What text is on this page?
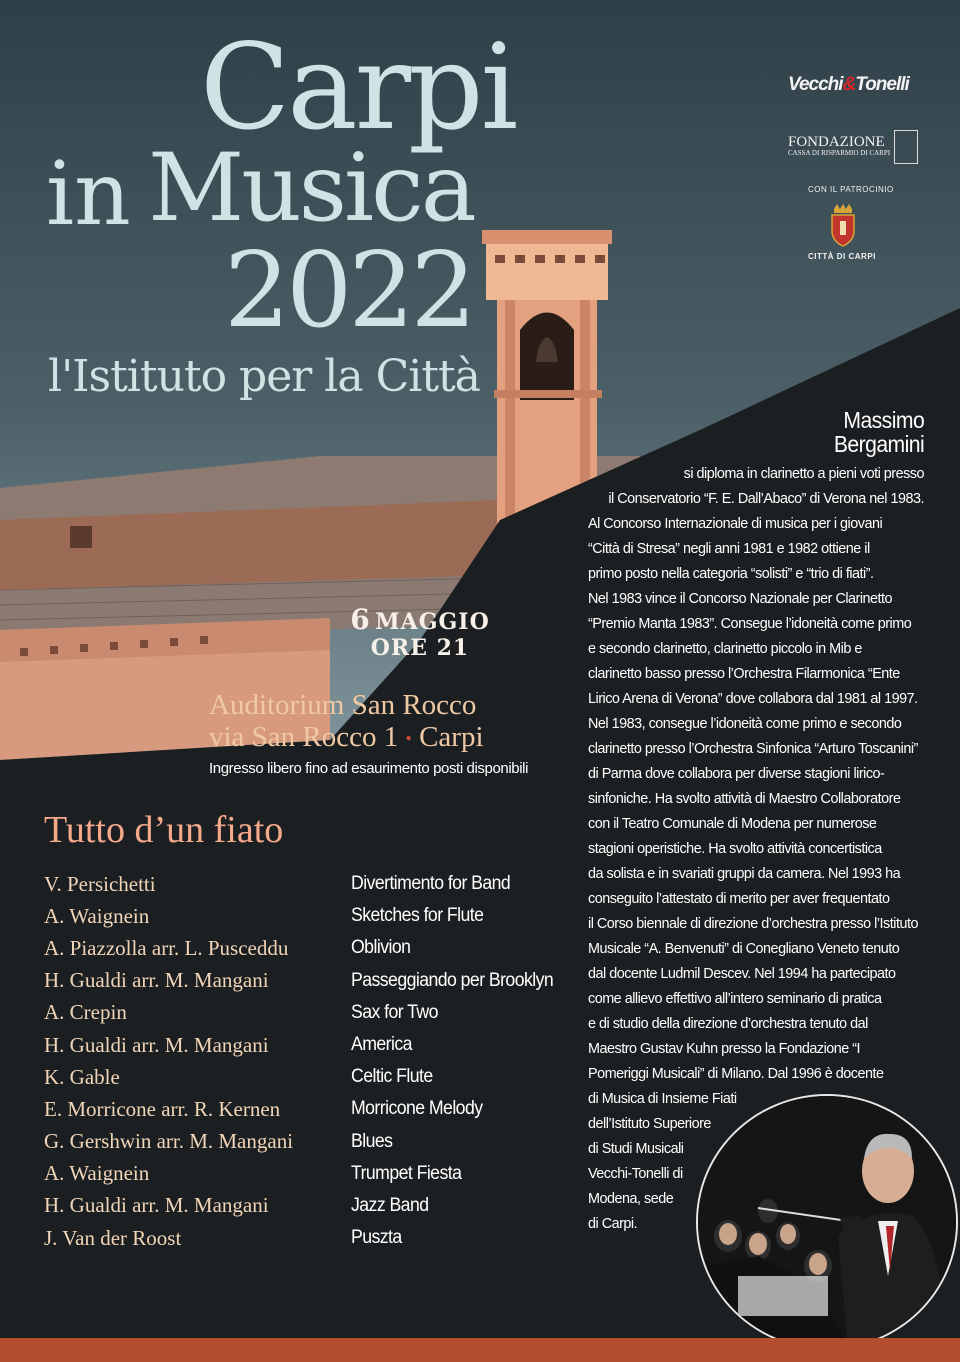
Carpi
in Musica
2022
l'Istituto per la Città
Vecchi&Tonelli
FONDAZIONE
CASSA DI RISPARMIO DI CARPI
CON IL PATROCINIO
CITTÀ DI CARPI
6 MAGGIO
ORE 21
Auditorium San Rocco
via San Rocco 1 • Carpi
Ingresso libero fino ad esaurimento posti disponibili
Tutto d’un fiato
V. Persichetti	Divertimento for Band
A. Waignein	Sketches for Flute
A. Piazzolla arr. L. Pusceddu	Oblivion
H. Gualdi arr. M. Mangani	Passeggiando per Brooklyn
A. Crepin	Sax for Two
H. Gualdi arr. M. Mangani	America
K. Gable	Celtic Flute
E. Morricone arr. R. Kernen	Morricone Melody
G. Gershwin arr. M. Mangani	Blues
A. Waignein	Trumpet Fiesta
H. Gualdi arr. M. Mangani	Jazz Band
J. Van der Roost	Puszta
Massimo
Bergamini
si diploma in clarinetto a pieni voti presso
il Conservatorio “F. E. Dall’Abaco” di Verona nel 1983.
Al Concorso Internazionale di musica per i giovani
“Città di Stresa” negli anni 1981 e 1982 ottiene il
primo posto nella categoria “solisti” e “trio di fiati”.
Nel 1983 vince il Concorso Nazionale per Clarinetto
“Premio Manta 1983”. Consegue l’idoneità come primo
e secondo clarinetto, clarinetto piccolo in Mib e
clarinetto basso presso l’Orchestra Filarmonica “Ente
Lirico Arena di Verona” dove collabora dal 1981 al 1997.
Nel 1983, consegue l’idoneità come primo e secondo
clarinetto presso l’Orchestra Sinfonica “Arturo Toscanini”
di Parma dove collabora per diverse stagioni lirico-
sinfoniche. Ha svolto attività di Maestro Collaboratore
con il Teatro Comunale di Modena per numerose
stagioni operistiche. Ha svolto attività concertistica
da solista e in svariati gruppi da camera. Nel 1993 ha
conseguito l’attestato di merito per aver frequentato
il Corso biennale di direzione d’orchestra presso l’Istituto
Musicale “A. Benvenuti” di Conegliano Veneto tenuto
dal docente Ludmil Descev. Nel 1994 ha partecipato
come allievo effettivo all’intero seminario di pratica
e di studio della direzione d’orchestra tenuto dal
Maestro Gustav Kuhn presso la Fondazione “I
Pomeriggi Musicali” di Milano. Dal 1996 è docente
di Musica di Insieme Fiati
dell’Istituto Superiore
di Studi Musicali
Vecchi-Tonelli di
Modena, sede
di Carpi.
